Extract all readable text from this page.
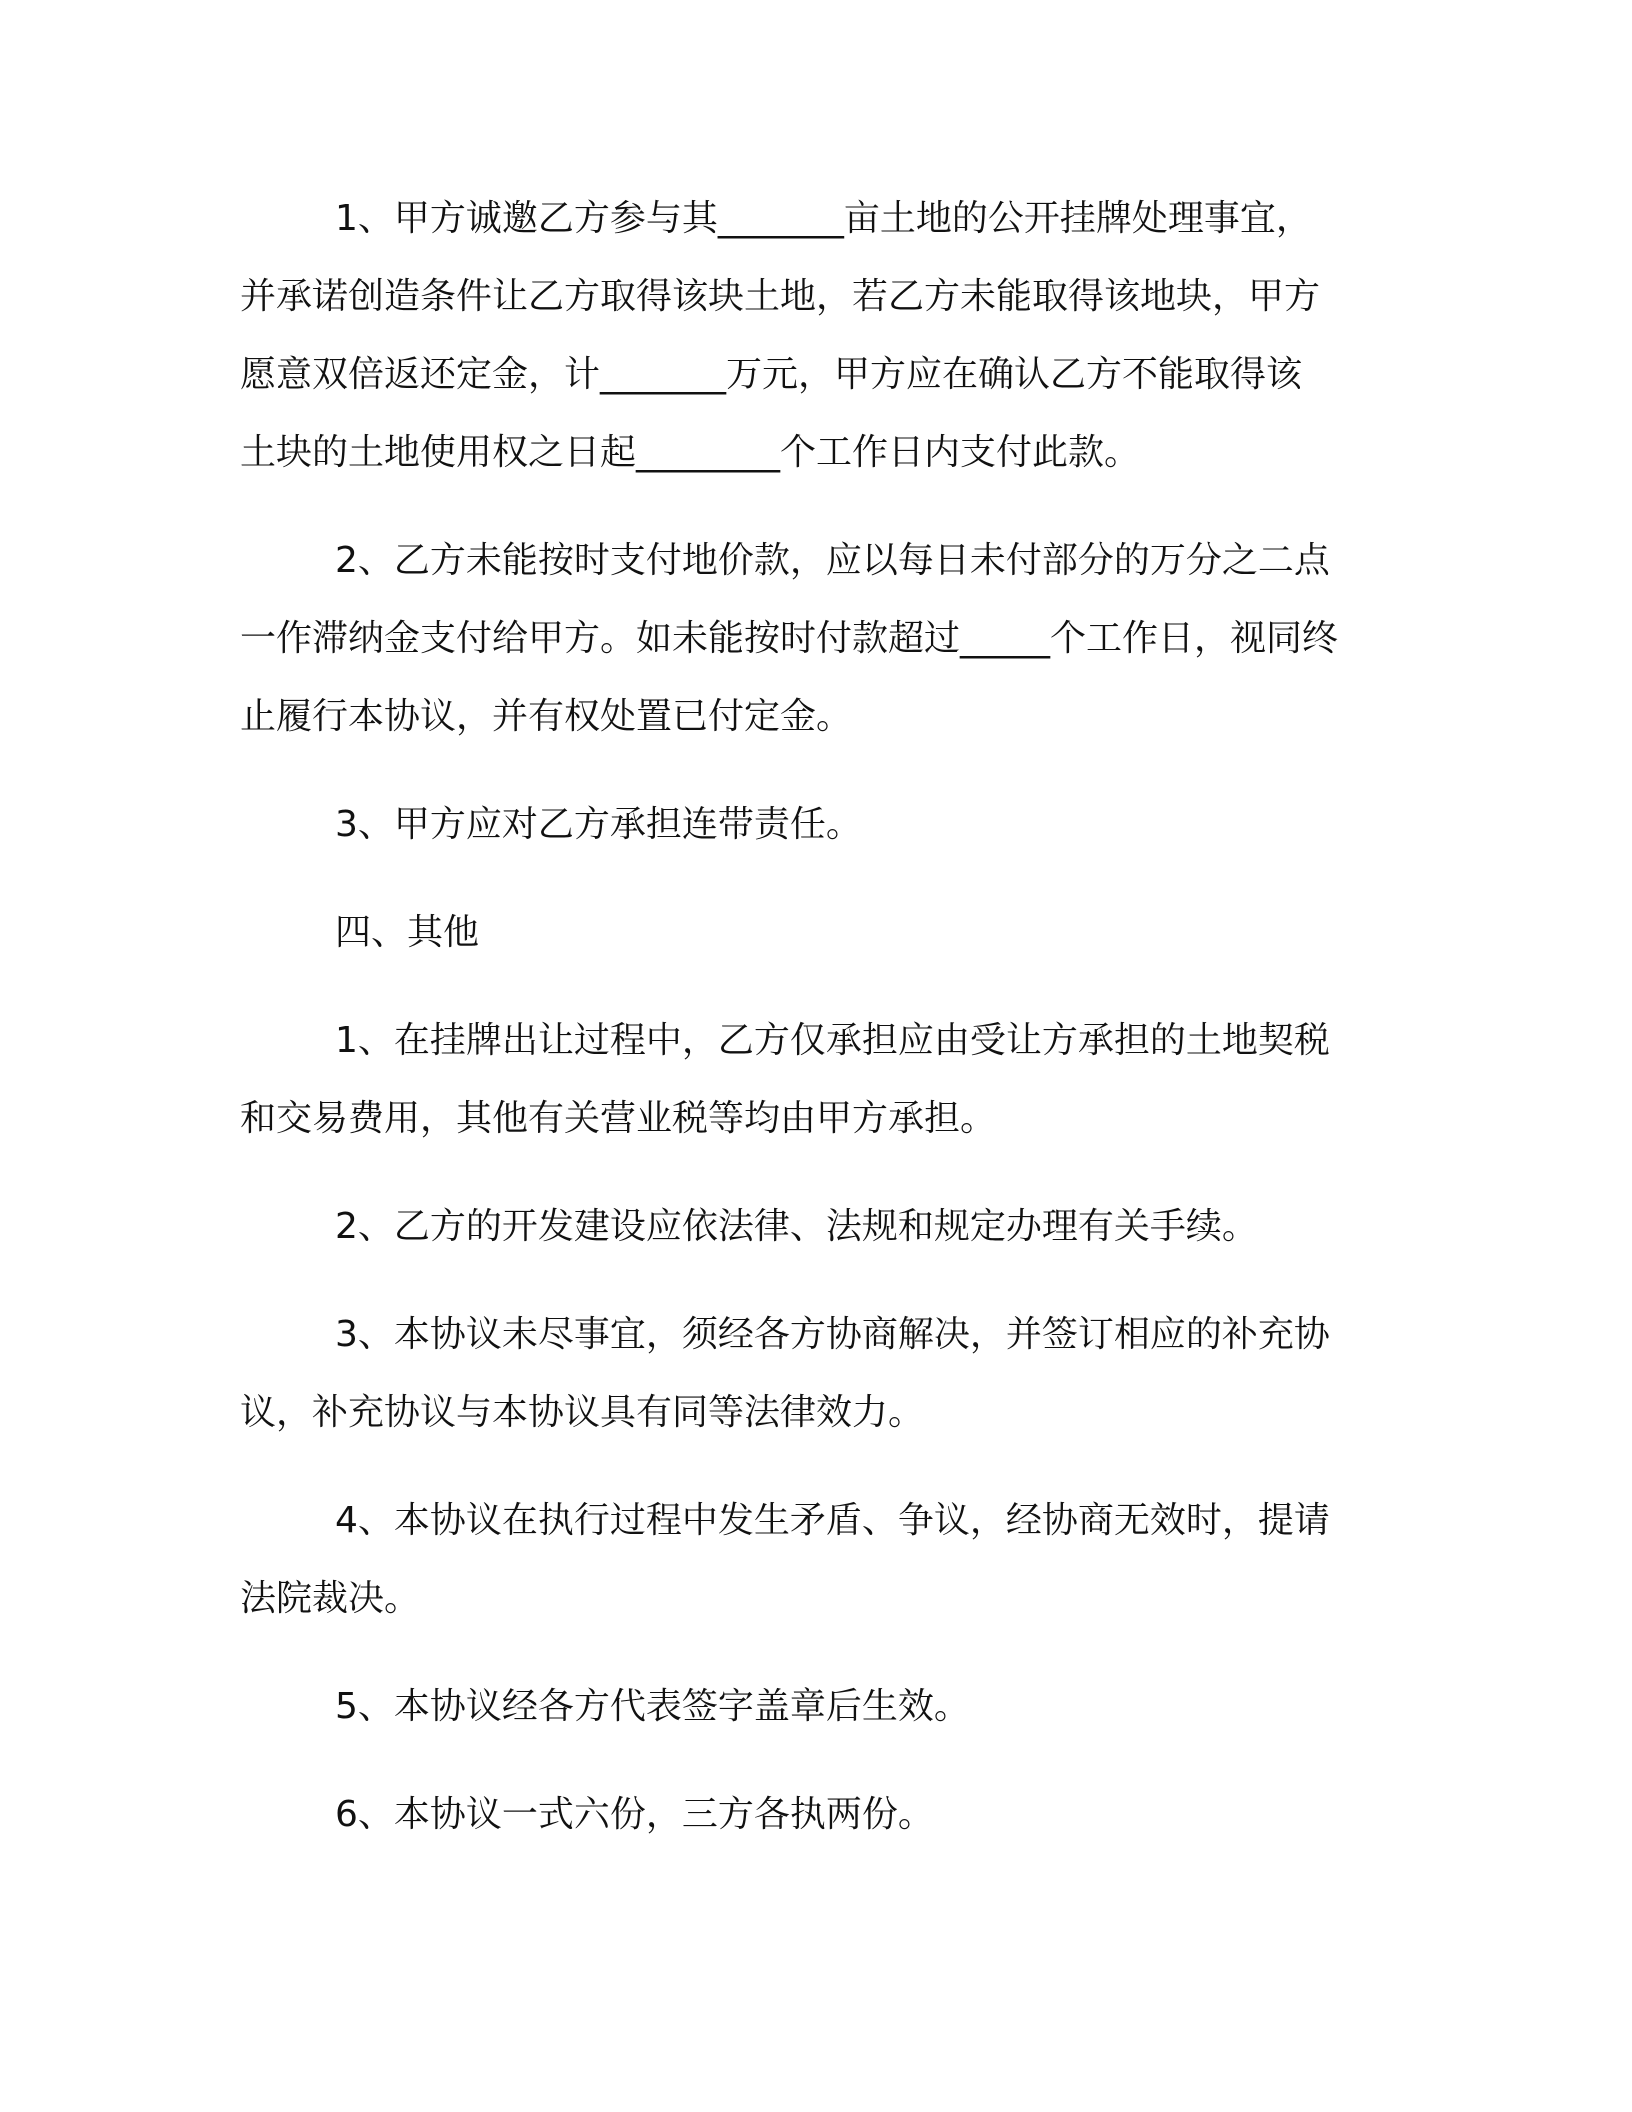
1、甲方诚邀乙方参与其_______亩土地的公开挂牌处理事宜，
并承诺创造条件让乙方取得该块土地，若乙方未能取得该地块，甲方
愿意双倍返还定金，计_______万元，甲方应在确认乙方不能取得该
土块的土地使用权之日起________个工作日内支付此款。

2、乙方未能按时支付地价款，应以每日未付部分的万分之二点
一作滞纳金支付给甲方。如未能按时付款超过_____个工作日，视同终
止履行本协议，并有权处置已付定金。

3、甲方应对乙方承担连带责任。

四、其他

1、在挂牌出让过程中，乙方仅承担应由受让方承担的土地契税
和交易费用，其他有关营业税等均由甲方承担。

2、乙方的开发建设应依法律、法规和规定办理有关手续。

3、本协议未尽事宜，须经各方协商解决，并签订相应的补充协
议，补充协议与本协议具有同等法律效力。

4、本协议在执行过程中发生矛盾、争议，经协商无效时，提请
法院裁决。

5、本协议经各方代表签字盖章后生效。

6、本协议一式六份，三方各执两份。
